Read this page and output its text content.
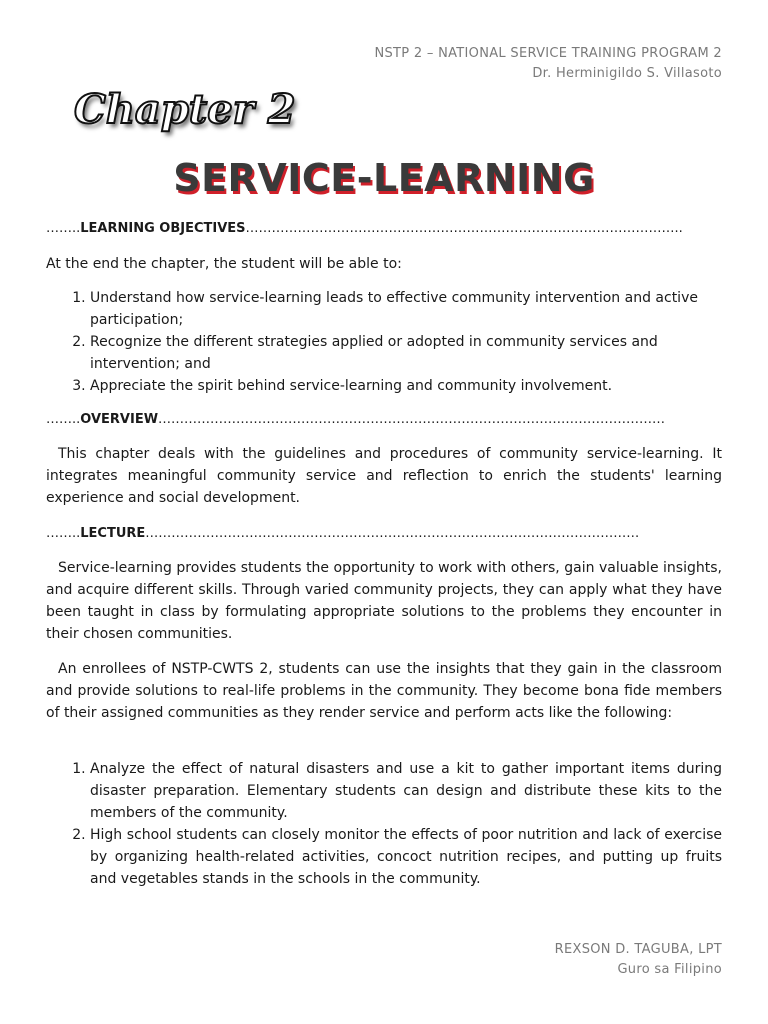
NSTP 2 – NATIONAL SERVICE TRAINING PROGRAM 2
Dr. Herminigildo S. Villasoto
Chapter 2
SERVICE-LEARNING
……..LEARNING OBJECTIVES………………………………………………………………………………………..
At the end the chapter, the student will be able to:
1. Understand how service-learning leads to effective community intervention and active participation;
2. Recognize the different strategies applied or adopted in community services and intervention; and
3. Appreciate the spirit behind service-learning and community involvement.
……..OVERVIEW………………………………………………………………………………………………………
This chapter deals with the guidelines and procedures of community service-learning. It integrates meaningful community service and reflection to enrich the students' learning experience and social development.
……..LECTURE……………………………………………………………………………………………………
Service-learning provides students the opportunity to work with others, gain valuable insights, and acquire different skills. Through varied community projects, they can apply what they have been taught in class by formulating appropriate solutions to the problems they encounter in their chosen communities.
An enrollees of NSTP-CWTS 2, students can use the insights that they gain in the classroom and provide solutions to real-life problems in the community. They become bona fide members of their assigned communities as they render service and perform acts like the following:
1. Analyze the effect of natural disasters and use a kit to gather important items during disaster preparation. Elementary students can design and distribute these kits to the members of the community.
2. High school students can closely monitor the effects of poor nutrition and lack of exercise by organizing health-related activities, concoct nutrition recipes, and putting up fruits and vegetables stands in the schools in the community.
REXSON D. TAGUBA, LPT
Guro sa Filipino
